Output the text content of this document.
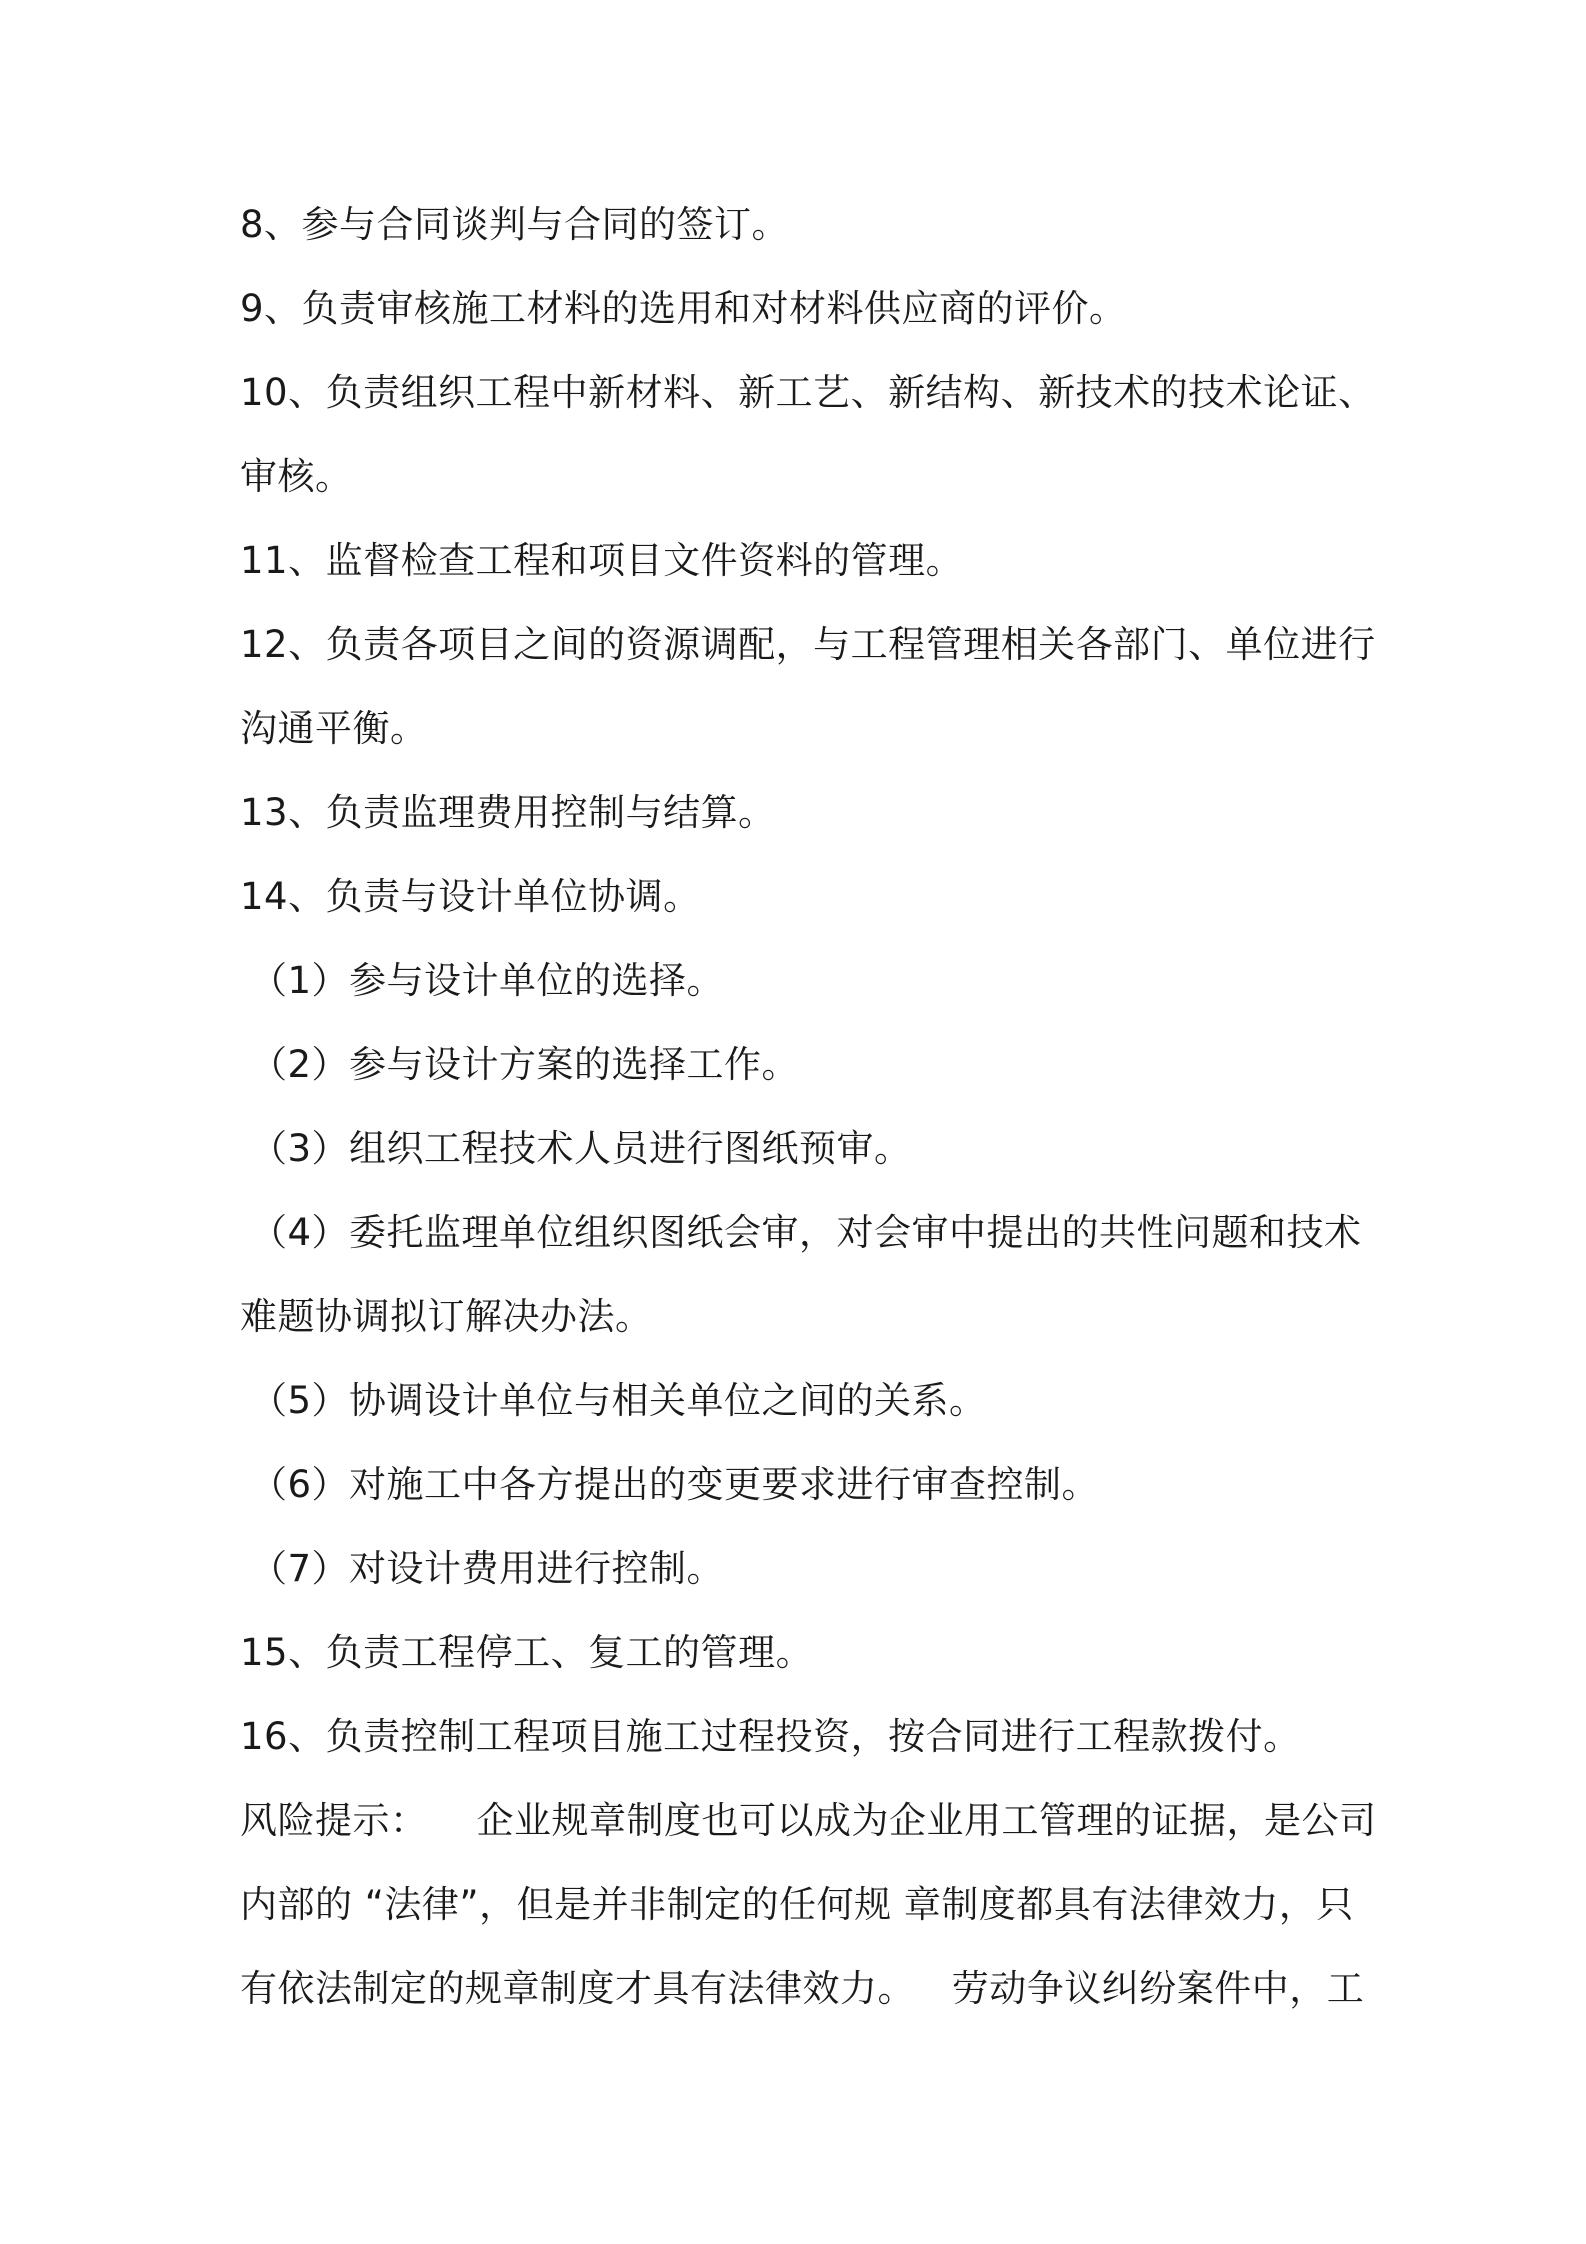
8、参与合同谈判与合同的签订。
9、负责审核施工材料的选用和对材料供应商的评价。
10、负责组织工程中新材料、新工艺、新结构、新技术的技术论证、
审核。
11、监督检查工程和项目文件资料的管理。
12、负责各项目之间的资源调配，与工程管理相关各部门、单位进行
沟通平衡。
13、负责监理费用控制与结算。
14、负责与设计单位协调。
（1）参与设计单位的选择。
（2）参与设计方案的选择工作。
（3）组织工程技术人员进行图纸预审。
（4）委托监理单位组织图纸会审，对会审中提出的共性问题和技术
难题协调拟订解决办法。
（5）协调设计单位与相关单位之间的关系。
（6）对施工中各方提出的变更要求进行审查控制。
（7）对设计费用进行控制。
15、负责工程停工、复工的管理。
16、负责控制工程项目施工过程投资，按合同进行工程款拨付。
风险提示：    企业规章制度也可以成为企业用工管理的证据，是公司
内部的 “法律”，但是并非制定的任何规 章制度都具有法律效力，只
有依法制定的规章制度才具有法律效力。   劳动争议纠纷案件中，工
